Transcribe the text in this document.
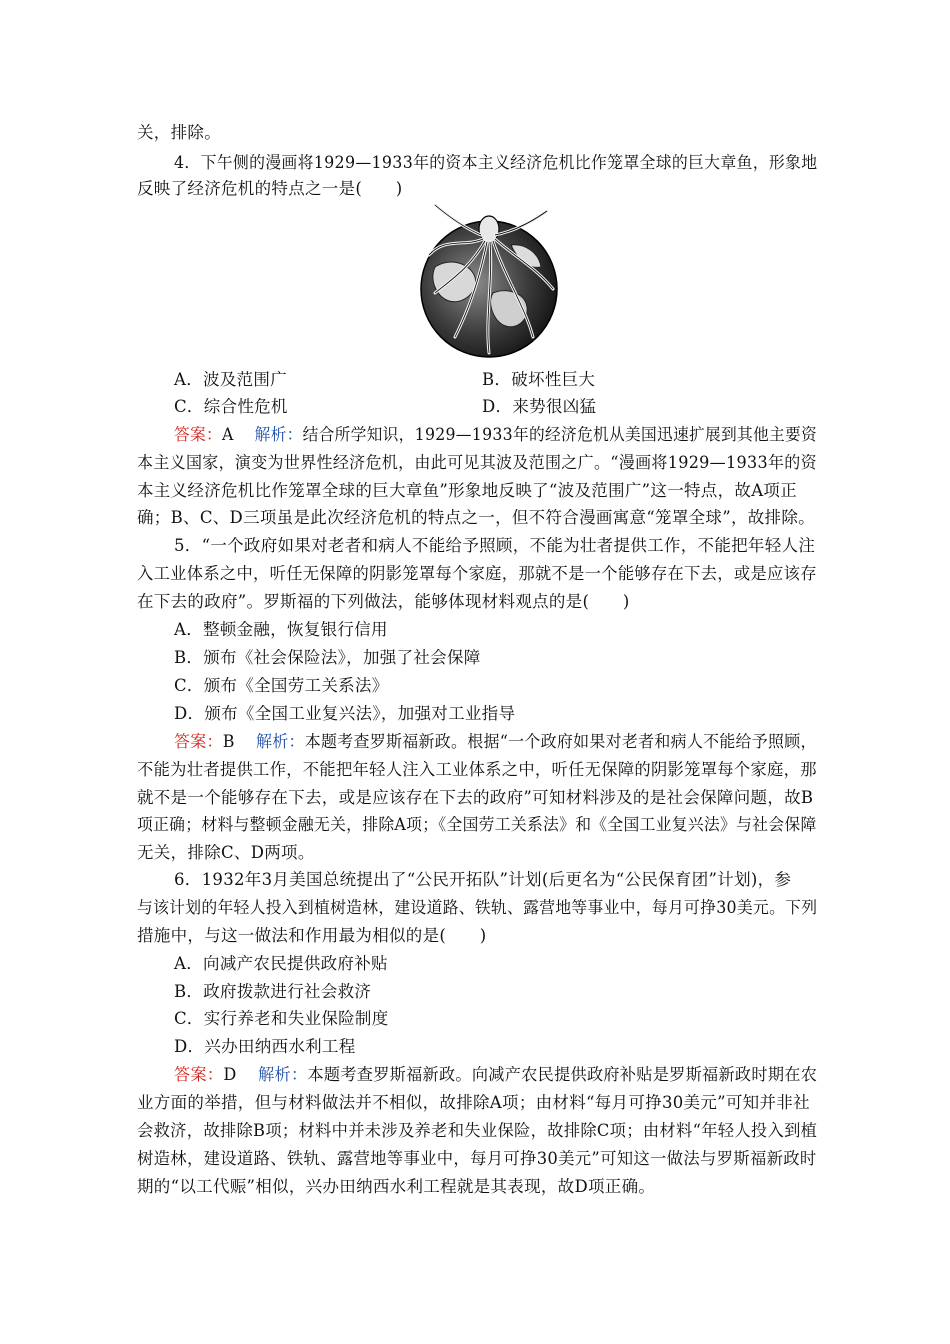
关，排除。
4．下午侧的漫画将1929—1933年的资本主义经济危机比作笼罩全球的巨大章鱼，形象地
反映了经济危机的特点之一是(　　)
A．波及范围广	B．破坏性巨大
C．综合性危机	D．来势很凶猛
答案：A 解析：结合所学知识，1929—1933年的经济危机从美国迅速扩展到其他主要资
本主义国家，演变为世界性经济危机，由此可见其波及范围之广。“漫画将1929—1933年的资
本主义经济危机比作笼罩全球的巨大章鱼”形象地反映了“波及范围广”这一特点，故A项正
确；B、C、D三项虽是此次经济危机的特点之一，但不符合漫画寓意“笼罩全球”，故排除。
5．“一个政府如果对老者和病人不能给予照顾，不能为壮者提供工作，不能把年轻人注
入工业体系之中，听任无保障的阴影笼罩每个家庭，那就不是一个能够存在下去，或是应该存
在下去的政府”。罗斯福的下列做法，能够体现材料观点的是(　　)
A．整顿金融，恢复银行信用
B．颁布《社会保险法》，加强了社会保障
C．颁布《全国劳工关系法》
D．颁布《全国工业复兴法》，加强对工业指导
答案：B 解析：本题考查罗斯福新政。根据“一个政府如果对老者和病人不能给予照顾，
不能为壮者提供工作，不能把年轻人注入工业体系之中，听任无保障的阴影笼罩每个家庭，那
就不是一个能够存在下去，或是应该存在下去的政府”可知材料涉及的是社会保障问题，故B
项正确；材料与整顿金融无关，排除A项；《全国劳工关系法》和《全国工业复兴法》与社会保障
无关，排除C、D两项。
6．1932年3月美国总统提出了“公民开拓队”计划(后更名为“公民保育团”计划)，参
与该计划的年轻人投入到植树造林，建设道路、铁轨、露营地等事业中，每月可挣30美元。下列
措施中，与这一做法和作用最为相似的是(　　)
A．向减产农民提供政府补贴
B．政府拨款进行社会救济
C．实行养老和失业保险制度
D．兴办田纳西水利工程
答案：D 解析：本题考查罗斯福新政。向减产农民提供政府补贴是罗斯福新政时期在农
业方面的举措，但与材料做法并不相似，故排除A项；由材料“每月可挣30美元”可知并非社
会救济，故排除B项；材料中并未涉及养老和失业保险，故排除C项；由材料“年轻人投入到植
树造林，建设道路、铁轨、露营地等事业中，每月可挣30美元”可知这一做法与罗斯福新政时
期的“以工代赈”相似，兴办田纳西水利工程就是其表现，故D项正确。
